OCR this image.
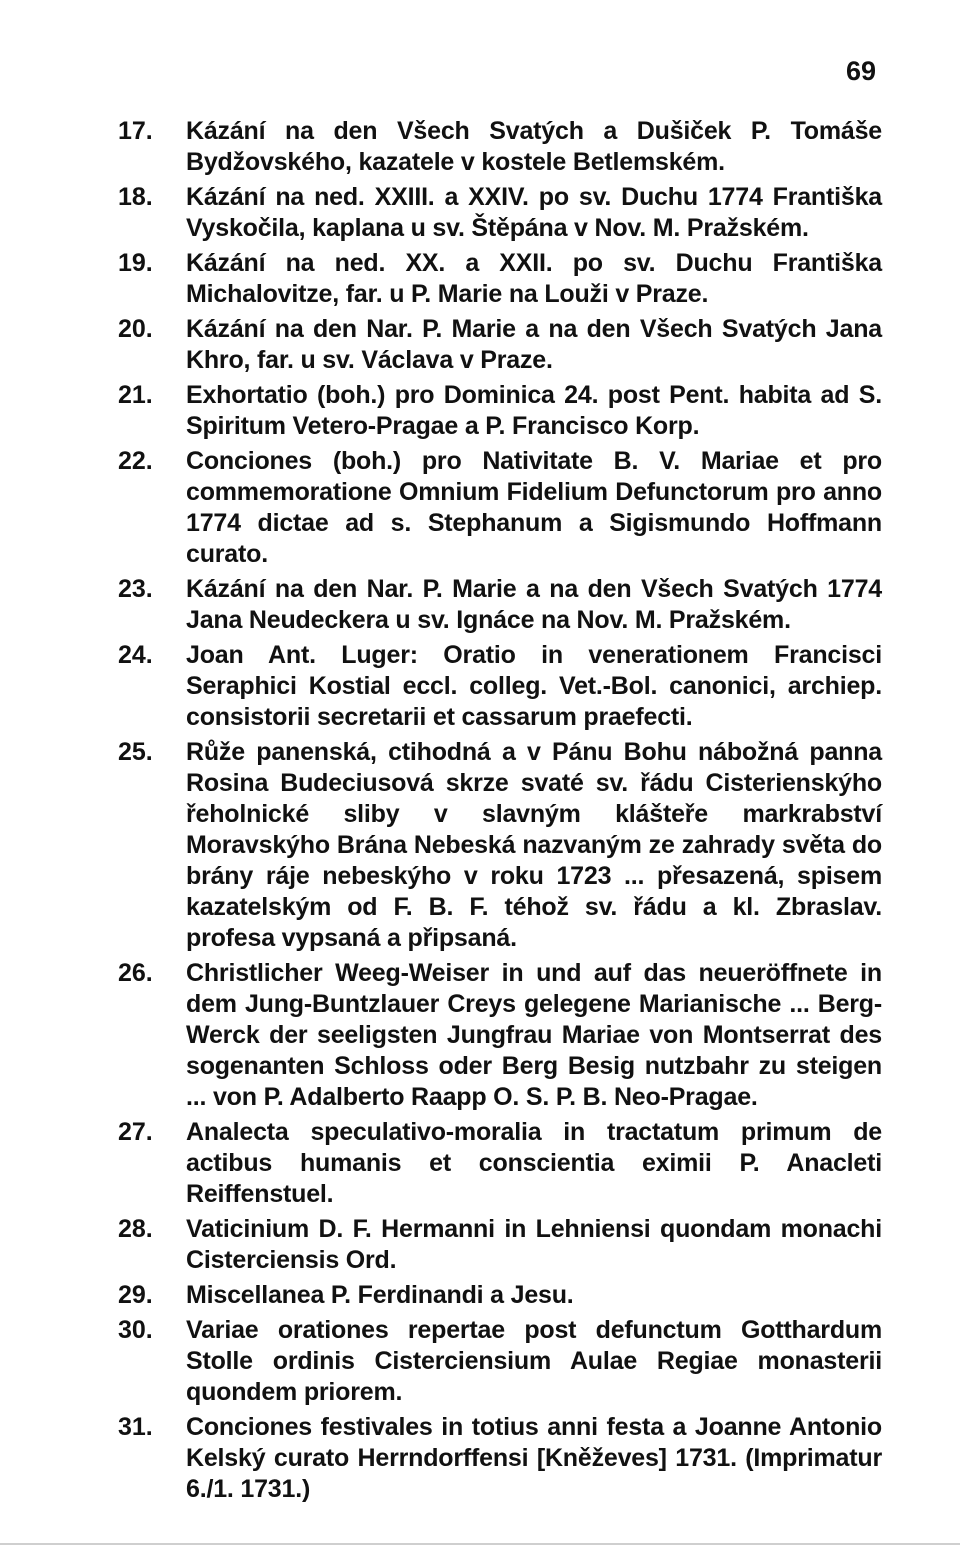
69
17.	Kázání na den Všech Svatých a Dušiček P. Tomáše Bydžovského, kazatele v kostele Betlemském.
18.	Kázání na ned. XXIII. a XXIV. po sv. Duchu 1774 Františka Vyskočila, kaplana u sv. Štěpána v Nov. M. Pražském.
19.	Kázání na ned. XX. a XXII. po sv. Duchu Františka Michalovitze, far. u P. Marie na Louži v Praze.
20.	Kázání na den Nar. P. Marie a na den Všech Svatých Jana Khro, far. u sv. Václava v Praze.
21.	Exhortatio (boh.) pro Dominica 24. post Pent. habita ad S. Spiritum Vetero-Pragae a P. Francisco Korp.
22.	Conciones (boh.) pro Nativitate B. V. Mariae et pro commemoratione Omnium Fidelium Defunctorum pro anno 1774 dictae ad s. Stephanum a Sigismundo Hoffmann curato.
23.	Kázání na den Nar. P. Marie a na den Všech Svatých 1774 Jana Neudeckera u sv. Ignáce na Nov. M. Pražském.
24.	Joan Ant. Luger: Oratio in venerationem Francisci Seraphici Kostial eccl. colleg. Vet.-Bol. canonici, archiep. consistorii secretarii et cassarum praefecti.
25.	Růže panenská, ctihodná a v Pánu Bohu nábožná panna Rosina Budeciusová skrze svaté sv. řádu Cisterienskýho řeholnické sliby v slavným klášteře markrabství Moravskýho Brána Nebeská nazvaným ze zahrady světa do brány ráje nebeskýho v roku 1723 ... přesazená, spisem kazatelským od F. B. F. téhož sv. řádu a kl. Zbraslav. profesa vypsaná a připsaná.
26.	Christlicher Weeg-Weiser in und auf das neueröffnete in dem Jung-Buntzlauer Creys gelegene Marianische ... Berg-Werck der seeligsten Jungfrau Mariae von Montserrat des sogenanten Schloss oder Berg Besig nutzbahr zu steigen ... von P. Adalberto Raapp O. S. P. B. Neo-Pragae.
27.	Analecta speculativo-moralia in tractatum primum de actibus humanis et conscientia eximii P. Anacleti Reiffenstuel.
28.	Vaticinium D. F. Hermanni in Lehniensi quondam monachi Cisterciensis Ord.
29.	Miscellanea P. Ferdinandi a Jesu.
30.	Variae orationes repertae post defunctum Gotthardum Stolle ordinis Cisterciensium Aulae Regiae monasterii quondem priorem.
31.	Conciones festivales in totius anni festa a Joanne Antonio Kelský curato Herrndorffensi [Kněževes] 1731. (Imprimatur 6./1. 1731.)
